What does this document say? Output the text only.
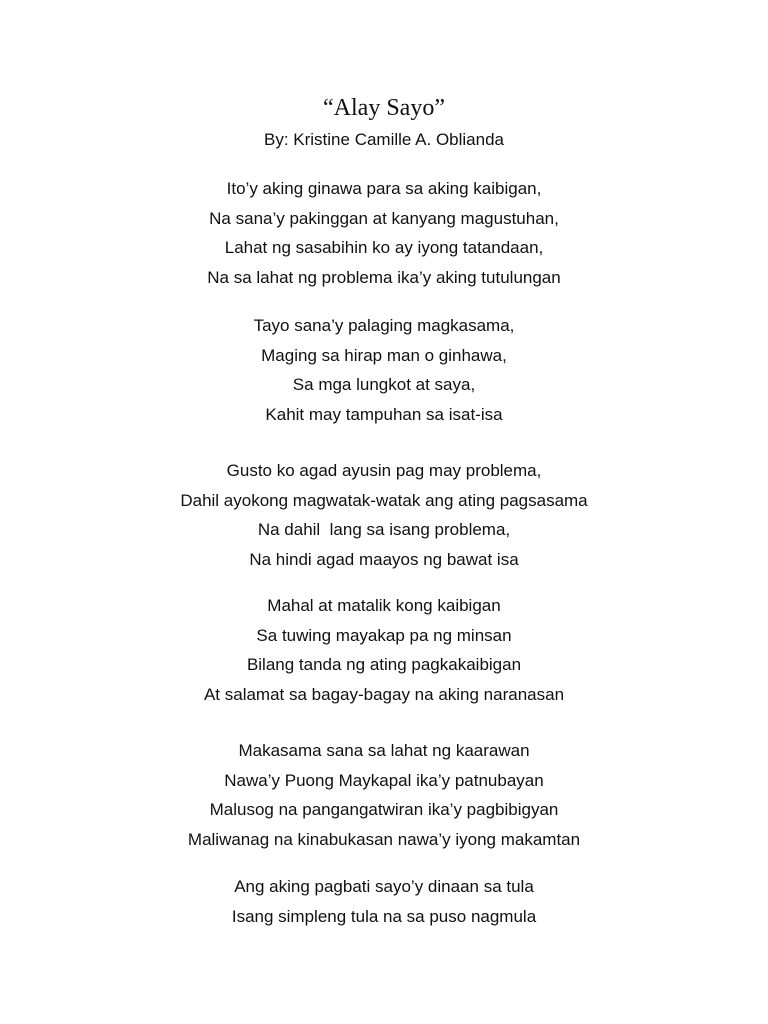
“Alay Sayo”
By: Kristine Camille A. Oblianda
Ito’y aking ginawa para sa aking kaibigan,
Na sana’y pakinggan at kanyang magustuhan,
Lahat ng sasabihin ko ay iyong tatandaan,
Na sa lahat ng problema ika’y aking tutulungan
Tayo sana’y palaging magkasama,
Maging sa hirap man o ginhawa,
Sa mga lungkot at saya,
Kahit may tampuhan sa isat-isa
Gusto ko agad ayusin pag may problema,
Dahil ayokong magwatak-watak ang ating pagsasama
Na dahil  lang sa isang problema,
Na hindi agad maayos ng bawat isa
Mahal at matalik kong kaibigan
Sa tuwing mayakap pa ng minsan
Bilang tanda ng ating pagkakaibigan
At salamat sa bagay-bagay na aking naranasan
Makasama sana sa lahat ng kaarawan
Nawa’y Puong Maykapal ika’y patnubayan
Malusog na pangangatwiran ika’y pagbibigyan
Maliwanag na kinabukasan nawa’y iyong makamtan
Ang aking pagbati sayo’y dinaan sa tula
Isang simpleng tula na sa puso nagmula
